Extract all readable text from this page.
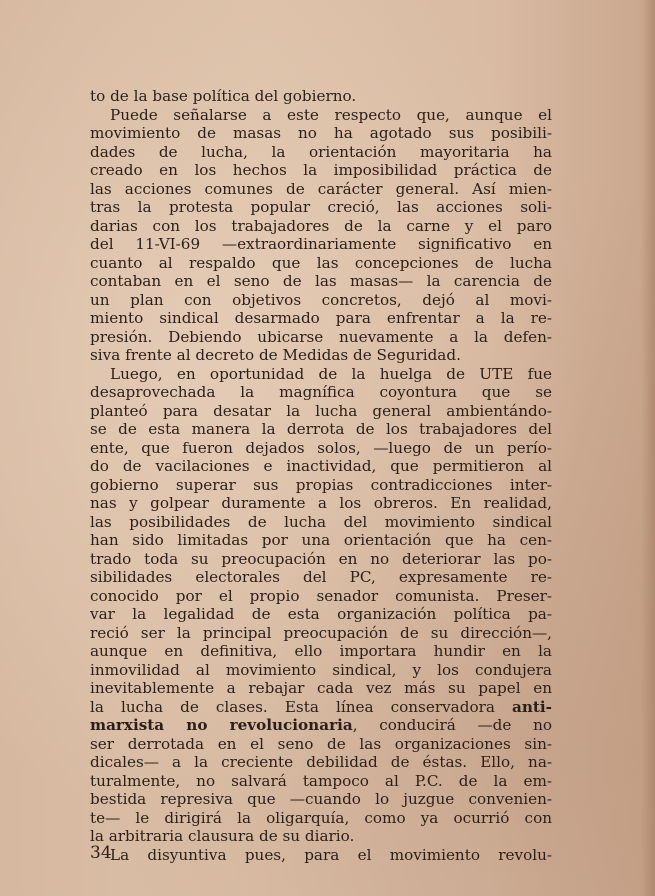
to de la base política del gobierno.
Puede señalarse a este respecto que, aunque el
movimiento de masas no ha agotado sus posibili-
dades de lucha, la orientación mayoritaria ha
creado en los hechos la imposibilidad práctica de
las acciones comunes de carácter general. Así mien-
tras la protesta popular creció, las acciones soli-
darias con los trabajadores de la carne y el paro
del 11-VI-69 —extraordinariamente significativo en
cuanto al respaldo que las concepciones de lucha
contaban en el seno de las masas— la carencia de
un plan con objetivos concretos, dejó al movi-
miento sindical desarmado para enfrentar a la re-
presión. Debiendo ubicarse nuevamente a la defen-
siva frente al decreto de Medidas de Seguridad.
Luego, en oportunidad de la huelga de UTE fue
desaprovechada la magnífica coyontura que se
planteó para desatar la lucha general ambientándo-
se de esta manera la derrota de los trabajadores del
ente, que fueron dejados solos, —luego de un perío-
do de vacilaciones e inactividad, que permitieron al
gobierno superar sus propias contradicciones inter-
nas y golpear duramente a los obreros. En realidad,
las posibilidades de lucha del movimiento sindical
han sido limitadas por una orientación que ha cen-
trado toda su preocupación en no deteriorar las po-
sibilidades electorales del PC, expresamente re-
conocido por el propio senador comunista. Preser-
var la legalidad de esta organización política pa-
reció ser la principal preocupación de su dirección—,
aunque en definitiva, ello importara hundir en la
inmovilidad al movimiento sindical, y los condujera
inevitablemente a rebajar cada vez más su papel en
la lucha de clases. Esta línea conservadora anti-
marxista no revolucionaria, conducirá —de no
ser derrotada en el seno de las organizaciones sin-
dicales— a la creciente debilidad de éstas. Ello, na-
turalmente, no salvará tampoco al P.C. de la em-
bestida represiva que —cuando lo juzgue convenien-
te— le dirigirá la oligarquía, como ya ocurrió con
la arbitraria clausura de su diario.
La disyuntiva pues, para el movimiento revolu-
34
